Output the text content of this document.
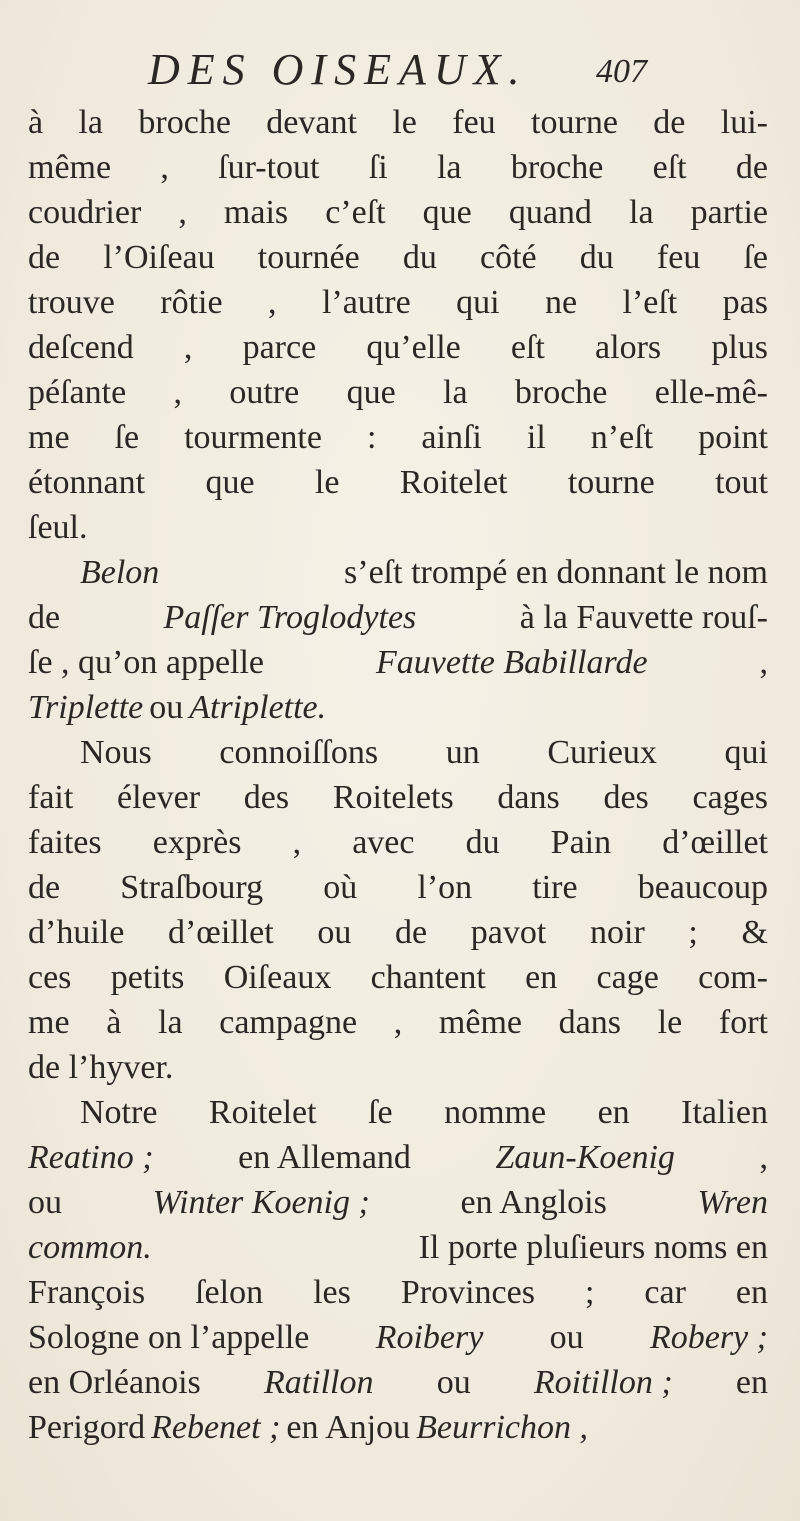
DES OISEAUX. 407
à la broche devant le feu tourne de lui-
même , ſur-tout ſi la broche eſt de
coudrier , mais c’eſt que quand la partie
de l’Oiſeau tournée du côté du feu ſe
trouve rôtie , l’autre qui ne l’eſt pas
deſcend , parce qu’elle eſt alors plus
péſante , outre que la broche elle-mê-
me ſe tourmente : ainſi il n’eſt point
étonnant que le Roitelet tourne tout
ſeul.
Belon	s’eſt trompé en donnant le nom
de	Paſſer Troglodytes	à la Fauvette rouſ-
ſe , qu’on appelle	Fauvette Babillarde	,
Triplette ou Atriplette.
Nous connoiſſons un Curieux qui
fait élever des Roitelets dans des cages
faites exprès , avec du Pain d’œillet
de Straſbourg où l’on tire beaucoup
d’huile d’œillet ou de pavot noir ; &
ces petits Oiſeaux chantent en cage com-
me à la campagne , même dans le fort
de l’hyver.
Notre Roitelet ſe nomme en Italien
Reatino ; en Allemand Zaun-Koenig ,
ou	Winter Koenig ;	en Anglois	Wren
common.	Il porte pluſieurs noms en
François ſelon les Provinces ; car en
Sologne on l’appelle Roibery ou Robery ;
en Orléanois Ratillon ou Roitillon ; en
Perigord Rebenet ; en Anjou Beurrichon ,
